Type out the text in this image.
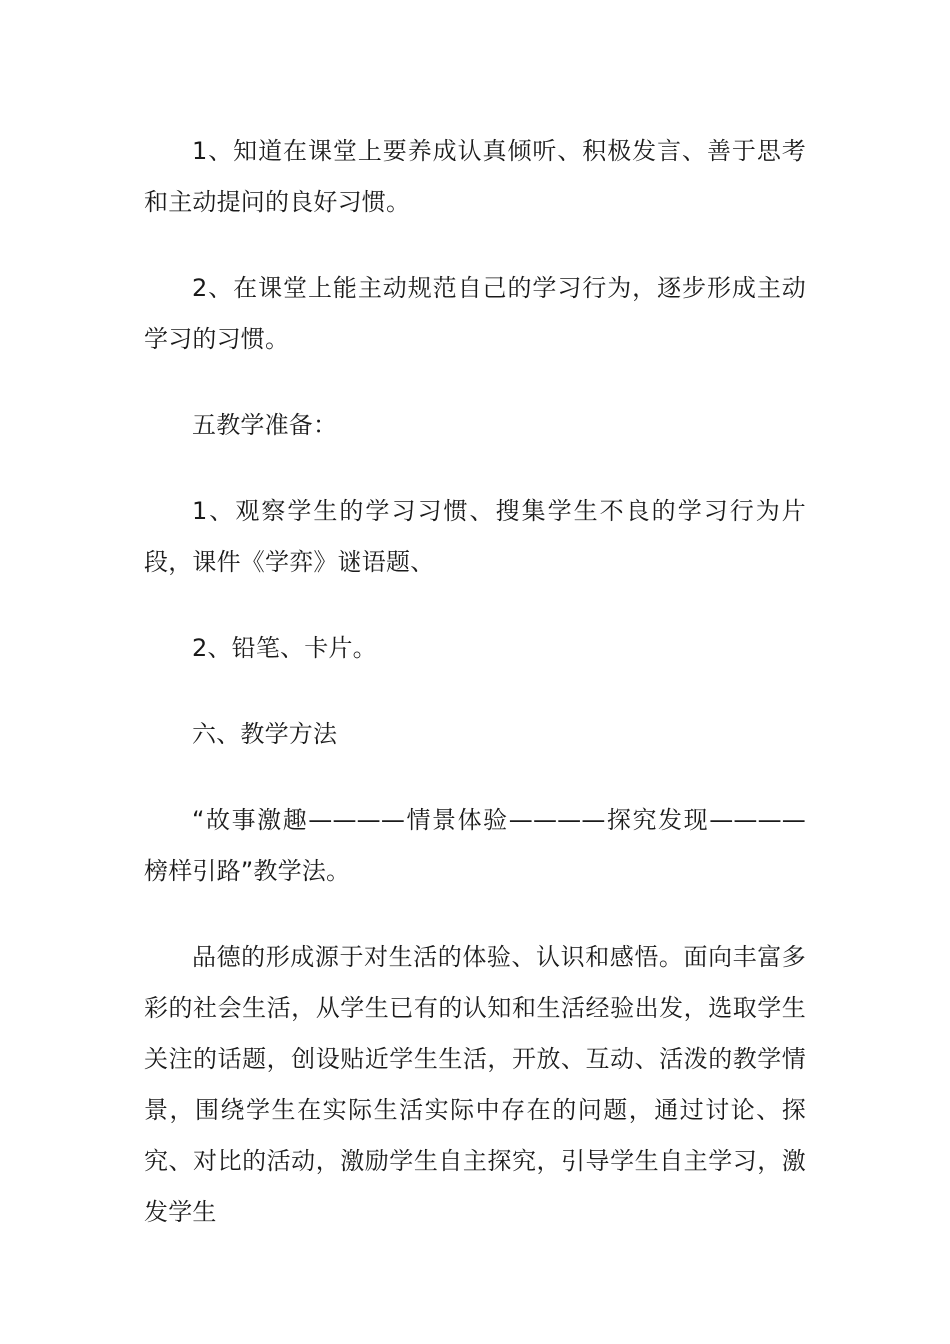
1、知道在课堂上要养成认真倾听、积极发言、善于思考和主动提问的良好习惯。

2、在课堂上能主动规范自己的学习行为，逐步形成主动学习的习惯。

五教学准备：

1、观察学生的学习习惯、搜集学生不良的学习行为片段，课件《学弈》谜语题、

2、铅笔、卡片。

六、教学方法

“故事激趣————情景体验————探究发现————榜样引路”教学法。

品德的形成源于对生活的体验、认识和感悟。面向丰富多彩的社会生活，从学生已有的认知和生活经验出发，选取学生关注的话题，创设贴近学生生活，开放、互动、活泼的教学情景，围绕学生在实际生活实际中存在的问题，通过讨论、探究、对比的活动，激励学生自主探究，引导学生自主学习，激发学生
